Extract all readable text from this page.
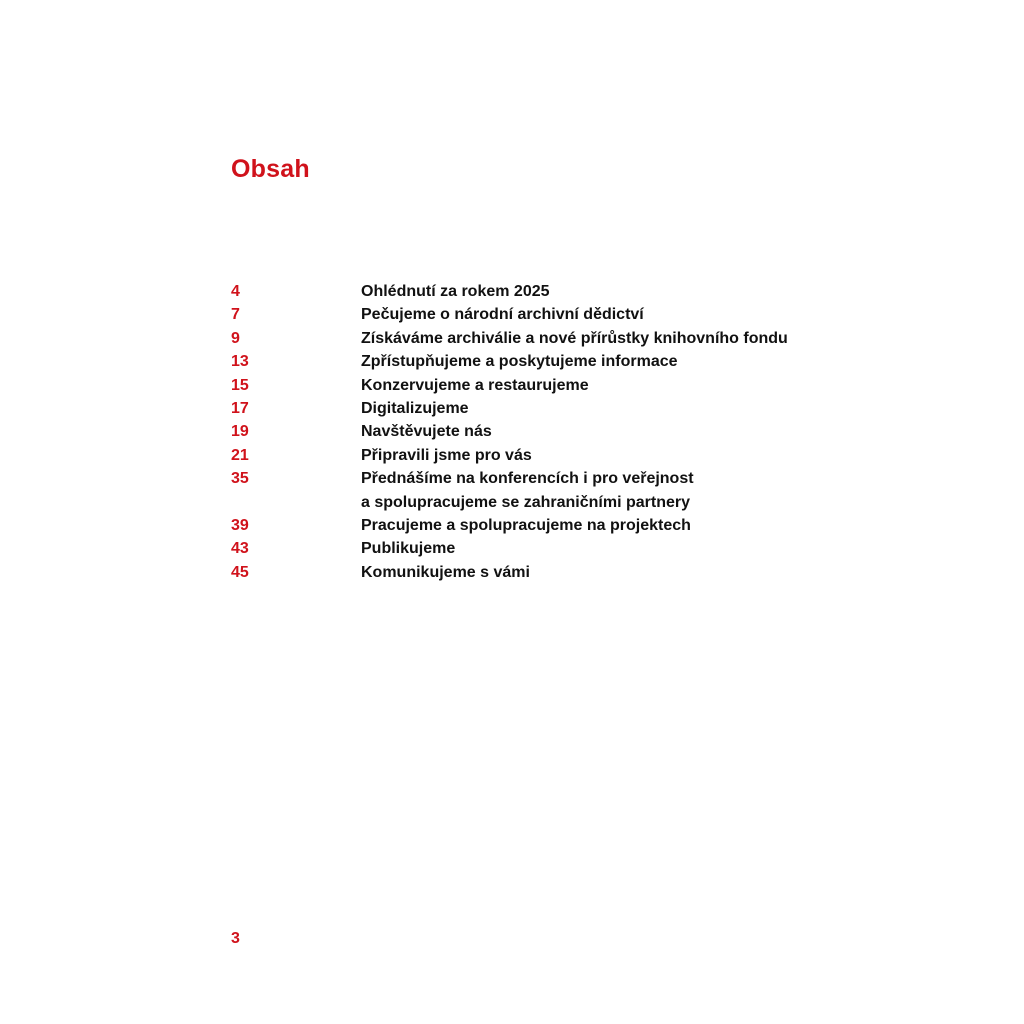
Obsah
4	Ohlédnutí za rokem 2025
7	Pečujeme o národní archivní dědictví
9	Získáváme archiválie a nové přírůstky knihovního fondu
13	Zpřístupňujeme a poskytujeme informace
15	Konzervujeme a restaurujeme
17	Digitalizujeme
19	Navštěvujete nás
21	Připravili jsme pro vás
35	Přednášíme na konferencích i pro veřejnost
a spolupracujeme se zahraničními partnery
39	Pracujeme a spolupracujeme na projektech
43	Publikujeme
45	Komunikujeme s vámi
3
